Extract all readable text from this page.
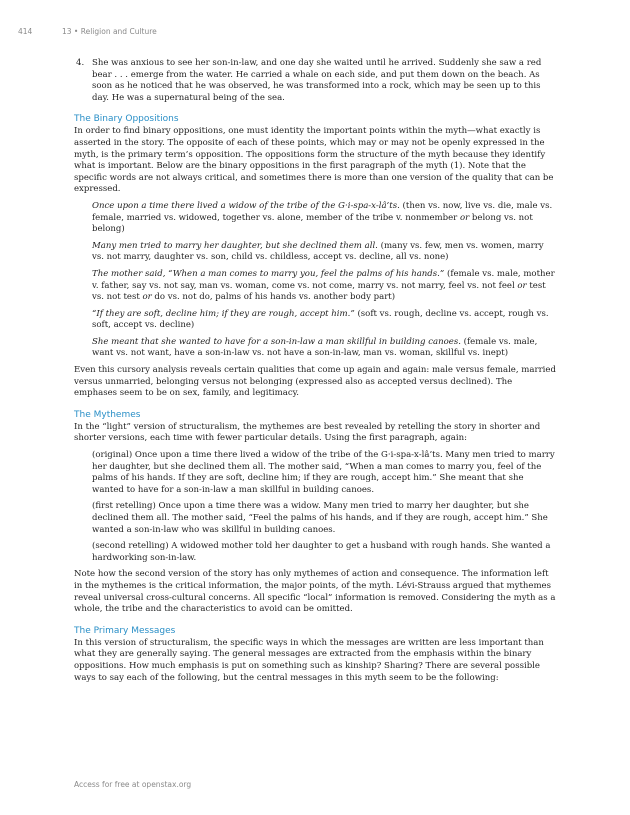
414	13 • Religion and Culture
4. She was anxious to see her son-in-law, and one day she waited until he arrived. Suddenly she saw a red bear . . . emerge from the water. He carried a whale on each side, and put them down on the beach. As soon as he noticed that he was observed, he was transformed into a rock, which may be seen up to this day. He was a supernatural being of the sea.
The Binary Oppositions

In order to find binary oppositions, one must identity the important points within the myth—what exactly is asserted in the story. The opposite of each of these points, which may or may not be openly expressed in the myth, is the primary term’s opposition. The oppositions form the structure of the myth because they identify what is important. Below are the binary oppositions in the first paragraph of the myth (1). Note that the specific words are not always critical, and sometimes there is more than one version of the quality that can be expressed.

Once upon a time there lived a widow of the tribe of the G·i-spa-x-lâ’ts. (then vs. now, live vs. die, male vs. female, married vs. widowed, together vs. alone, member of the tribe v. nonmember or belong vs. not belong)

Many men tried to marry her daughter, but she declined them all. (many vs. few, men vs. women, marry vs. not marry, daughter vs. son, child vs. childless, accept vs. decline, all vs. none)

The mother said, “When a man comes to marry you, feel the palms of his hands.” (female vs. male, mother v. father, say vs. not say, man vs. woman, come vs. not come, marry vs. not marry, feel vs. not feel or test vs. not test or do vs. not do, palms of his hands vs. another body part)

“If they are soft, decline him; if they are rough, accept him.” (soft vs. rough, decline vs. accept, rough vs. soft, accept vs. decline)

She meant that she wanted to have for a son-in-law a man skillful in building canoes. (female vs. male, want vs. not want, have a son-in-law vs. not have a son-in-law, man vs. woman, skillful vs. inept)

Even this cursory analysis reveals certain qualities that come up again and again: male versus female, married versus unmarried, belonging versus not belonging (expressed also as accepted versus declined). The emphases seem to be on sex, family, and legitimacy.

The Mythemes

In the “light” version of structuralism, the mythemes are best revealed by retelling the story in shorter and shorter versions, each time with fewer particular details. Using the first paragraph, again:

(original) Once upon a time there lived a widow of the tribe of the G·i-spa-x-lâ’ts. Many men tried to marry her daughter, but she declined them all. The mother said, “When a man comes to marry you, feel of the palms of his hands. If they are soft, decline him; if they are rough, accept him.” She meant that she wanted to have for a son-in-law a man skillful in building canoes.

(first retelling) Once upon a time there was a widow. Many men tried to marry her daughter, but she declined them all. The mother said, “Feel the palms of his hands, and if they are rough, accept him.” She wanted a son-in-law who was skillful in building canoes.

(second retelling) A widowed mother told her daughter to get a husband with rough hands. She wanted a hardworking son-in-law.

Note how the second version of the story has only mythemes of action and consequence. The information left in the mythemes is the critical information, the major points, of the myth. Lévi-Strauss argued that mythemes reveal universal cross-cultural concerns. All specific “local” information is removed. Considering the myth as a whole, the tribe and the characteristics to avoid can be omitted.

The Primary Messages

In this version of structuralism, the specific ways in which the messages are written are less important than what they are generally saying. The general messages are extracted from the emphasis within the binary oppositions. How much emphasis is put on something such as kinship? Sharing? There are several possible ways to say each of the following, but the central messages in this myth seem to be the following:

Access for free at openstax.org
